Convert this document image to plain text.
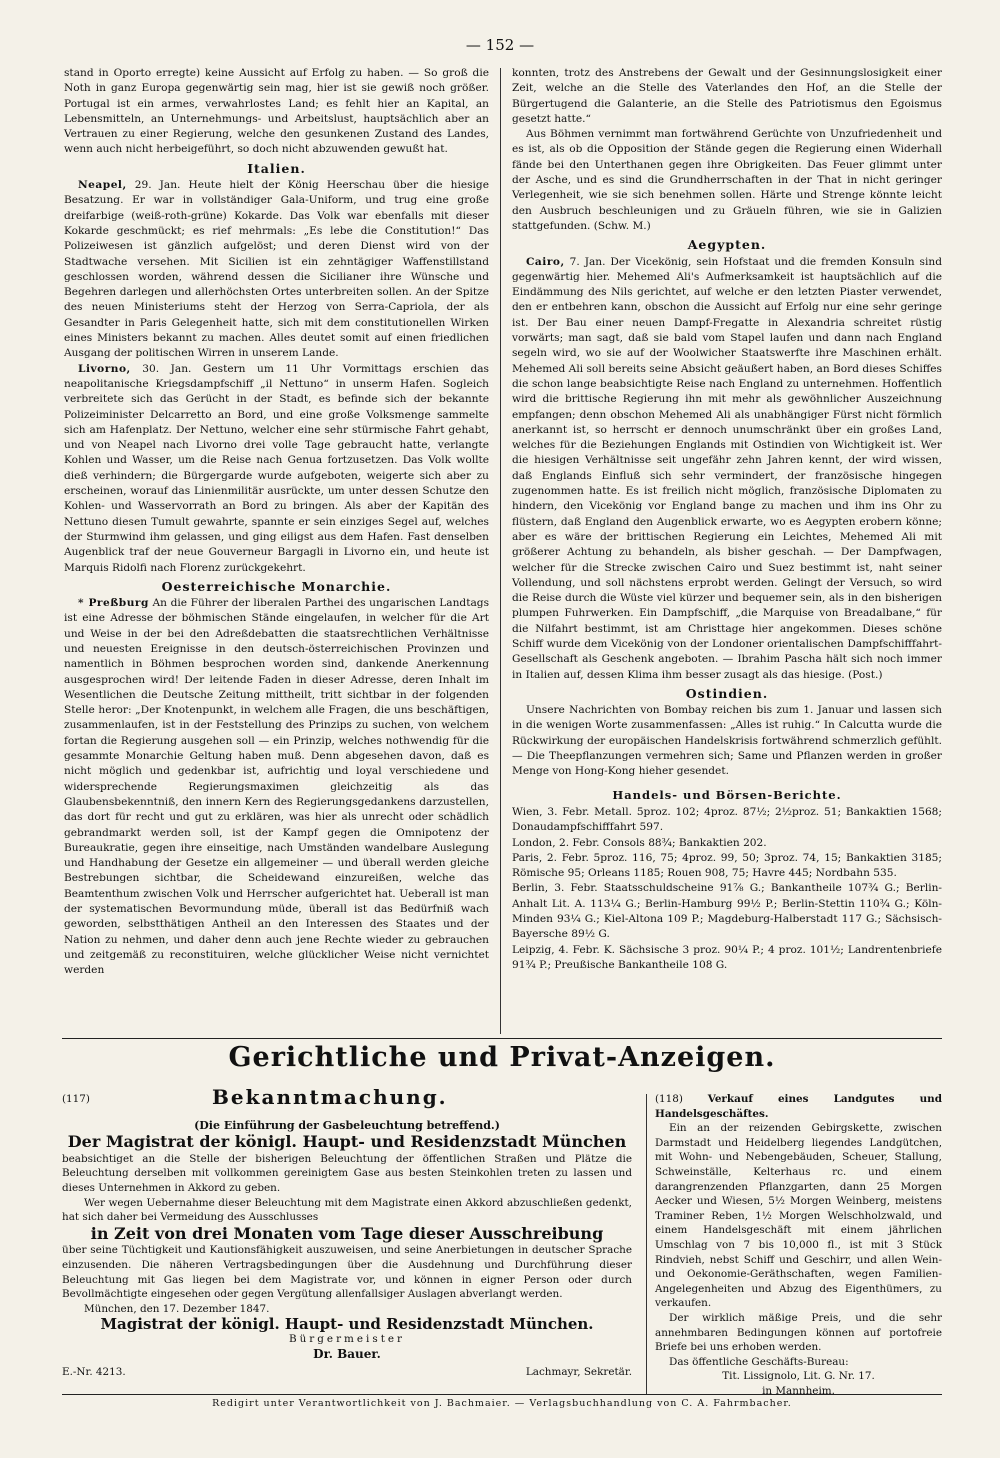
— 152 —

stand in Oporto erregte) keine Aussicht auf Erfolg zu haben. — So groß die Noth in ganz Europa gegenwärtig sein mag, hier ist sie gewiß noch größer. Portugal ist ein armes, verwahrlostes Land; es fehlt hier an Kapital, an Lebensmitteln, an Unternehmungs- und Arbeitslust, hauptsächlich aber an Vertrauen zu einer Regierung, welche den gesunkenen Zustand des Landes, wenn auch nicht herbeigeführt, so doch nicht abzuwenden gewußt hat.

Italien.

Neapel, 29. Jan. Heute hielt der König Heerschau über die hiesige Besatzung. Er war in vollständiger Gala-Uniform, und trug eine große dreifarbige (weiß-roth-grüne) Kokarde. Das Volk war ebenfalls mit dieser Kokarde geschmückt; es rief mehrmals: „Es lebe die Constitution!“ Das Polizeiwesen ist gänzlich aufgelöst; und deren Dienst wird von der Stadtwache versehen. Mit Sicilien ist ein zehntägiger Waffenstillstand geschlossen worden, während dessen die Sicilianer ihre Wünsche und Begehren darlegen und allerhöchsten Ortes unterbreiten sollen. An der Spitze des neuen Ministeriums steht der Herzog von Serra-Capriola, der als Gesandter in Paris Gelegenheit hatte, sich mit dem constitutionellen Wirken eines Ministers bekannt zu machen. Alles deutet somit auf einen friedlichen Ausgang der politischen Wirren in unserem Lande.

Livorno, 30. Jan. Gestern um 11 Uhr Vormittags erschien das neapolitanische Kriegsdampfschiff „il Nettuno“ in unserm Hafen. Sogleich verbreitete sich das Gerücht in der Stadt, es befinde sich der bekannte Polizeiminister Delcarretto an Bord, und eine große Volksmenge sammelte sich am Hafenplatz. Der Nettuno, welcher eine sehr stürmische Fahrt gehabt, und von Neapel nach Livorno drei volle Tage gebraucht hatte, verlangte Kohlen und Wasser, um die Reise nach Genua fortzusetzen. Das Volk wollte dieß verhindern; die Bürgergarde wurde aufgeboten, weigerte sich aber zu erscheinen, worauf das Linienmilitär ausrückte, um unter dessen Schutze den Kohlen- und Wasservorrath an Bord zu bringen. Als aber der Kapitän des Nettuno diesen Tumult gewahrte, spannte er sein einziges Segel auf, welches der Sturmwind ihm gelassen, und ging eiligst aus dem Hafen. Fast denselben Augenblick traf der neue Gouverneur Bargagli in Livorno ein, und heute ist Marquis Ridolfi nach Florenz zurückgekehrt.

Oesterreichische Monarchie.

* Preßburg An die Führer der liberalen Parthei des ungarischen Landtags ist eine Adresse der böhmischen Stände eingelaufen, in welcher für die Art und Weise in der bei den Adreßdebatten die staatsrechtlichen Verhältnisse und neuesten Ereignisse in den deutsch-österreichischen Provinzen und namentlich in Böhmen besprochen worden sind, dankende Anerkennung ausgesprochen wird! Der leitende Faden in dieser Adresse, deren Inhalt im Wesentlichen die Deutsche Zeitung mittheilt, tritt sichtbar in der folgenden Stelle heror: „Der Knotenpunkt, in welchem alle Fragen, die uns beschäftigen, zusammenlaufen, ist in der Feststellung des Prinzips zu suchen, von welchem fortan die Regierung ausgehen soll — ein Prinzip, welches nothwendig für die gesammte Monarchie Geltung haben muß. Denn abgesehen davon, daß es nicht möglich und gedenkbar ist, aufrichtig und loyal verschiedene und widersprechende Regierungsmaximen gleichzeitig als das Glaubensbekenntniß, den innern Kern des Regierungsgedankens darzustellen, das dort für recht und gut zu erklären, was hier als unrecht oder schädlich gebrandmarkt werden soll, ist der Kampf gegen die Omnipotenz der Bureaukratie, gegen ihre einseitige, nach Umständen wandelbare Auslegung und Handhabung der Gesetze ein allgemeiner — und überall werden gleiche Bestrebungen sichtbar, die Scheidewand einzureißen, welche das Beamtenthum zwischen Volk und Herrscher aufgerichtet hat. Ueberall ist man der systematischen Bevormundung müde, überall ist das Bedürfniß wach geworden, selbstthätigen Antheil an den Interessen des Staates und der Nation zu nehmen, und daher denn auch jene Rechte wieder zu gebrauchen und zeitgemäß zu reconstituiren, welche glücklicher Weise nicht vernichtet werden

konnten, trotz des Anstrebens der Gewalt und der Gesinnungslosigkeit einer Zeit, welche an die Stelle des Vaterlandes den Hof, an die Stelle der Bürgertugend die Galanterie, an die Stelle des Patriotismus den Egoismus gesetzt hatte.“

Aus Böhmen vernimmt man fortwährend Gerüchte von Unzufriedenheit und es ist, als ob die Opposition der Stände gegen die Regierung einen Widerhall fände bei den Unterthanen gegen ihre Obrigkeiten. Das Feuer glimmt unter der Asche, und es sind die Grundherrschaften in der That in nicht geringer Verlegenheit, wie sie sich benehmen sollen. Härte und Strenge könnte leicht den Ausbruch beschleunigen und zu Gräueln führen, wie sie in Galizien stattgefunden. (Schw. M.)

Aegypten.

Cairo, 7. Jan. Der Vicekönig, sein Hofstaat und die fremden Konsuln sind gegenwärtig hier. Mehemed Ali's Aufmerksamkeit ist hauptsächlich auf die Eindämmung des Nils gerichtet, auf welche er den letzten Piaster verwendet, den er entbehren kann, obschon die Aussicht auf Erfolg nur eine sehr geringe ist. Der Bau einer neuen Dampf-Fregatte in Alexandria schreitet rüstig vorwärts; man sagt, daß sie bald vom Stapel laufen und dann nach England segeln wird, wo sie auf der Woolwicher Staatswerfte ihre Maschinen erhält. Mehemed Ali soll bereits seine Absicht geäußert haben, an Bord dieses Schiffes die schon lange beabsichtigte Reise nach England zu unternehmen. Hoffentlich wird die brittische Regierung ihn mit mehr als gewöhnlicher Auszeichnung empfangen; denn obschon Mehemed Ali als unabhängiger Fürst nicht förmlich anerkannt ist, so herrscht er dennoch unumschränkt über ein großes Land, welches für die Beziehungen Englands mit Ostindien von Wichtigkeit ist. Wer die hiesigen Verhältnisse seit ungefähr zehn Jahren kennt, der wird wissen, daß Englands Einfluß sich sehr vermindert, der französische hingegen zugenommen hatte. Es ist freilich nicht möglich, französische Diplomaten zu hindern, den Vicekönig vor England bange zu machen und ihm ins Ohr zu flüstern, daß England den Augenblick erwarte, wo es Aegypten erobern könne; aber es wäre der brittischen Regierung ein Leichtes, Mehemed Ali mit größerer Achtung zu behandeln, als bisher geschah. — Der Dampfwagen, welcher für die Strecke zwischen Cairo und Suez bestimmt ist, naht seiner Vollendung, und soll nächstens erprobt werden. Gelingt der Versuch, so wird die Reise durch die Wüste viel kürzer und bequemer sein, als in den bisherigen plumpen Fuhrwerken. Ein Dampfschiff, „die Marquise von Breadalbane,“ für die Nilfahrt bestimmt, ist am Christtage hier angekommen. Dieses schöne Schiff wurde dem Vicekönig von der Londoner orientalischen Dampfschifffahrt-Gesellschaft als Geschenk angeboten. — Ibrahim Pascha hält sich noch immer in Italien auf, dessen Klima ihm besser zusagt als das hiesige. (Post.)

Ostindien.

Unsere Nachrichten von Bombay reichen bis zum 1. Januar und lassen sich in die wenigen Worte zusammenfassen: „Alles ist ruhig.“ In Calcutta wurde die Rückwirkung der europäischen Handelskrisis fortwährend schmerzlich gefühlt. — Die Theepflanzungen vermehren sich; Same und Pflanzen werden in großer Menge von Hong-Kong hieher gesendet.

Handels- und Börsen-Berichte.

Wien, 3. Febr. Metall. 5proz. 102; 4proz. 87½; 2½proz. 51; Bankaktien 1568; Donaudampfschifffahrt 597.

London, 2. Febr. Consols 88¾; Bankaktien 202.

Paris, 2. Febr. 5proz. 116, 75; 4proz. 99, 50; 3proz. 74, 15; Bankaktien 3185; Römische 95; Orleans 1185; Rouen 908, 75; Havre 445; Nordbahn 535.

Berlin, 3. Febr. Staatsschuldscheine 91⅞ G.; Bankantheile 107¾ G.; Berlin-Anhalt Lit. A. 113¼ G.; Berlin-Hamburg 99½ P.; Berlin-Stettin 110¾ G.; Köln-Minden 93¼ G.; Kiel-Altona 109 P.; Magdeburg-Halberstadt 117 G.; Sächsisch-Bayersche 89½ G.

Leipzig, 4. Febr. K. Sächsische 3 proz. 90¼ P.; 4 proz. 101½; Landrentenbriefe 91¾ P.; Preußische Bankantheile 108 G.

Gerichtliche und Privat-Anzeigen.
(117)	Bekanntmachung.
(Die Einführung der Gasbeleuchtung betreffend.)
Der Magistrat der königl. Haupt- und Residenzstadt München

beabsichtiget an die Stelle der bisherigen Beleuchtung der öffentlichen Straßen und Plätze die Beleuchtung derselben mit vollkommen gereinigtem Gase aus besten Steinkohlen treten zu lassen und dieses Unternehmen in Akkord zu geben.

Wer wegen Uebernahme dieser Beleuchtung mit dem Magistrate einen Akkord abzuschließen gedenkt, hat sich daher bei Vermeidung des Ausschlusses

in Zeit von drei Monaten vom Tage dieser Ausschreibung

über seine Tüchtigkeit und Kautionsfähigkeit auszuweisen, und seine Anerbietungen in deutscher Sprache einzusenden. Die näheren Vertragsbedingungen über die Ausdehnung und Durchführung dieser Beleuchtung mit Gas liegen bei dem Magistrate vor, und können in eigner Person oder durch Bevollmächtigte eingesehen oder gegen Vergütung allenfallsiger Auslagen abverlangt werden.

München, den 17. Dezember 1847.

Magistrat der königl. Haupt- und Residenzstadt München.

Bürgermeister

Dr. Bauer.

E.-Nr. 4213.	Lachmayr, Sekretär.

(118) Verkauf eines Landgutes und Handelsgeschäftes.

Ein an der reizenden Gebirgskette, zwischen Darmstadt und Heidelberg liegendes Landgütchen, mit Wohn- und Nebengebäuden, Scheuer, Stallung, Schweinställe, Kelterhaus rc. und einem darangrenzenden Pflanzgarten, dann 25 Morgen Aecker und Wiesen, 5½ Morgen Weinberg, meistens Traminer Reben, 1½ Morgen Welschholzwald, und einem Handelsgeschäft mit einem jährlichen Umschlag von 7 bis 10,000 fl., ist mit 3 Stück Rindvieh, nebst Schiff und Geschirr, und allen Wein- und Oekonomie-Geräthschaften, wegen Familien-Angelegenheiten und Abzug des Eigenthümers, zu verkaufen.

Der wirklich mäßige Preis, und die sehr annehmbaren Bedingungen können auf portofreie Briefe bei uns erhoben werden.

Das öffentliche Geschäfts-Bureau:

Tit. Lissignolo, Lit. G. Nr. 17.

in Mannheim.

Redigirt unter Verantwortlichkeit von J. Bachmaier. — Verlagsbuchhandlung von C. A. Fahrmbacher.
